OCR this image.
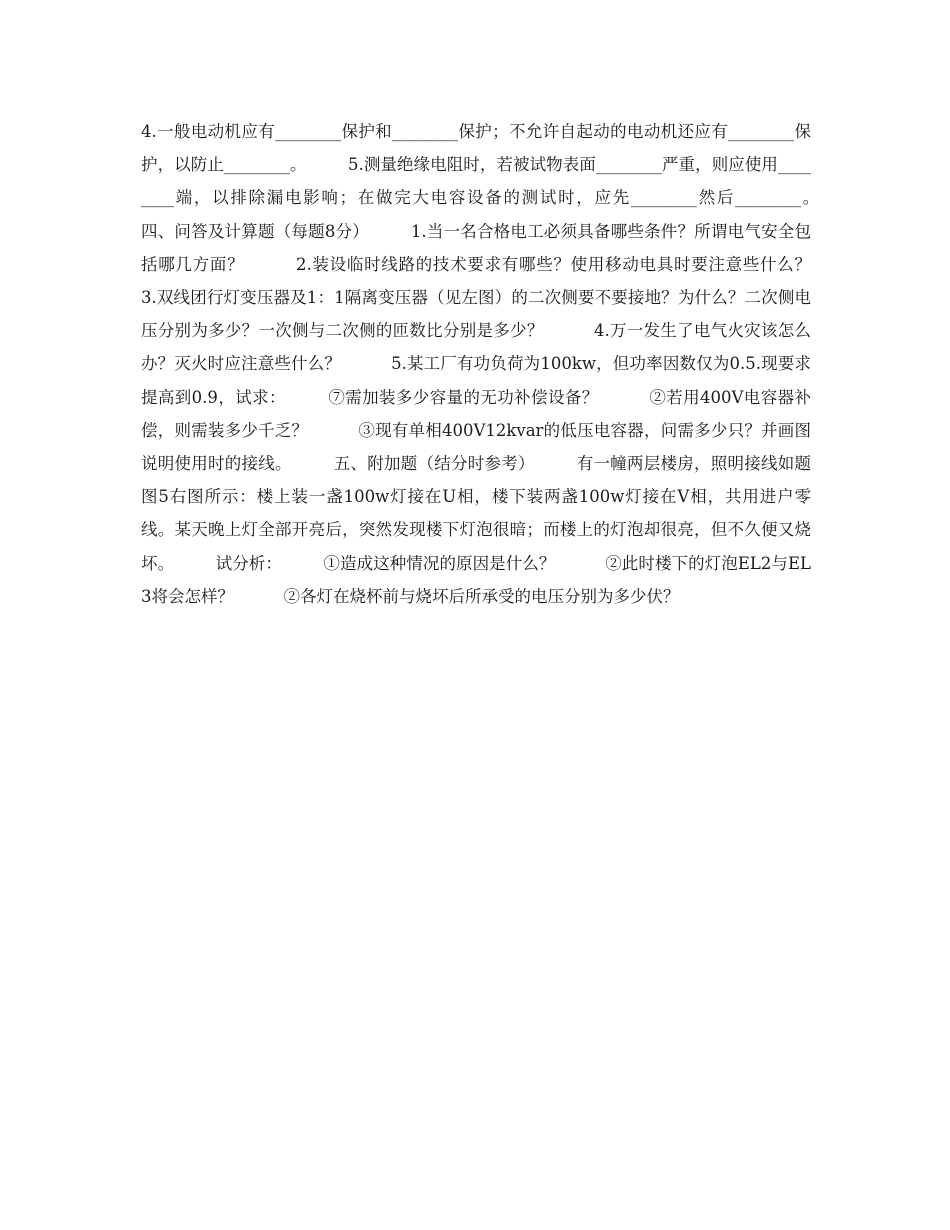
4.一般电动机应有________保护和________保护；不允许自起动的电动机还应有________保护，以防止________。　　　5.测量绝缘电阻时，若被试物表面________严重，则应使用________端，以排除漏电影响；在做完大电容设备的测试时，应先________然后________。　　　四、问答及计算题（每题8分）　　　1.当一名合格电工必须具备哪些条件？所谓电气安全包括哪几方面？　　　2.装设临时线路的技术要求有哪些？使用移动电具时要注意些什么？　　　3.双线团行灯变压器及1：1隔离变压器（见左图）的二次侧要不要接地？为什么？二次侧电压分别为多少？一次侧与二次侧的匝数比分别是多少？　　　4.万一发生了电气火灾该怎么办？灭火时应注意些什么？　　　5.某工厂有功负荷为100kw，但功率因数仅为0.5.现要求提高到0.9，试求：　　　⑦需加装多少容量的无功补偿设备？　　　②若用400V电容器补偿，则需装多少千乏？　　　③现有单相400V12kvar的低压电容器，问需多少只？并画图说明使用时的接线。　　　五、附加题（结分时参考）　　　有一幢两层楼房，照明接线如题图5右图所示：楼上装一盏100w灯接在U相，楼下装两盏100w灯接在V相，共用进户零线。某天晚上灯全部开亮后，突然发现楼下灯泡很暗；而楼上的灯泡却很亮，但不久便又烧坏。　　　试分析：　　　①造成这种情况的原因是什么？　　　②此时楼下的灯泡EL2与EL3将会怎样？　　　②各灯在烧杯前与烧坏后所承受的电压分别为多少伏？
